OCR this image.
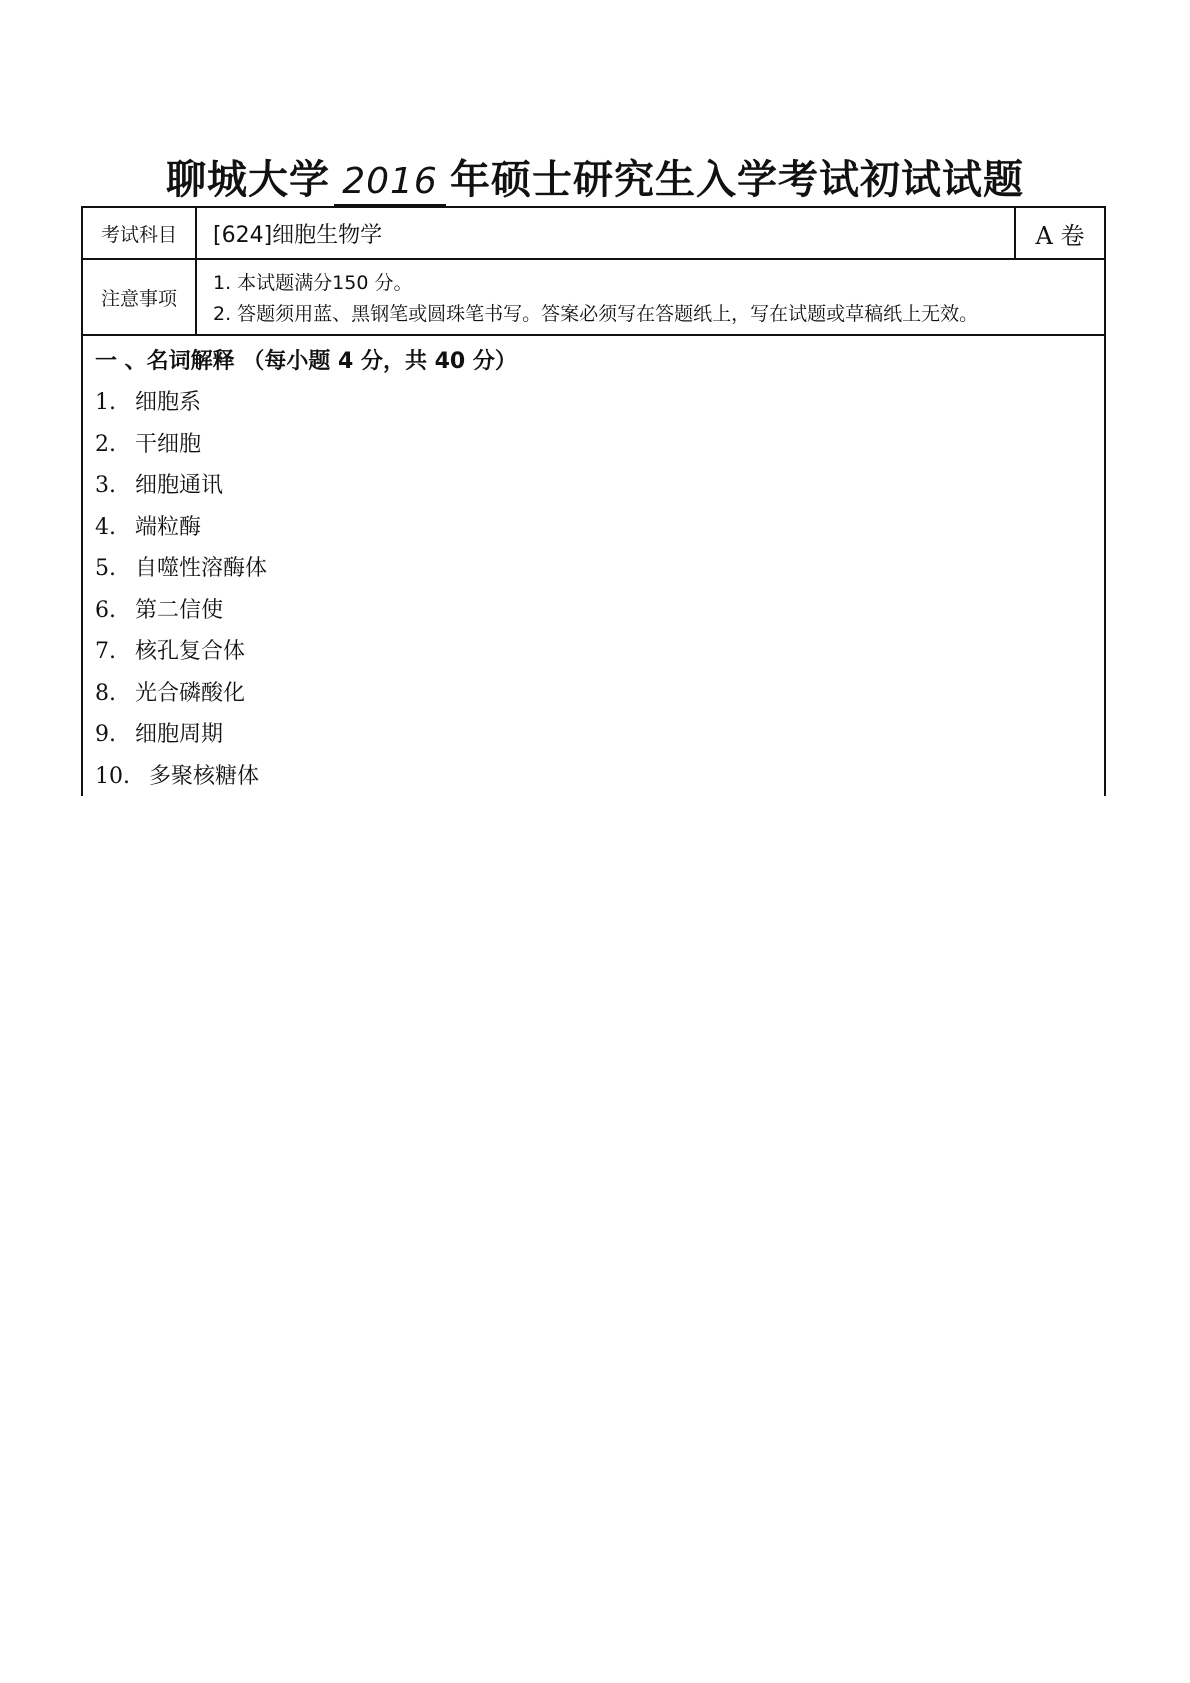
聊城大学 2016 年硕士研究生入学考试初试试题
考试科目	[624]细胞生物学	A 卷
注意事项
1. 本试题满分150 分。
2. 答题须用蓝、黑钢笔或圆珠笔书写。答案必须写在答题纸上，写在试题或草稿纸上无效。
一 、名词解释 （每小题 4 分，共 40 分）
1. 细胞系
2. 干细胞
3. 细胞通讯
4. 端粒酶
5. 自噬性溶酶体
6. 第二信使
7. 核孔复合体
8. 光合磷酸化
9. 细胞周期
10. 多聚核糖体
